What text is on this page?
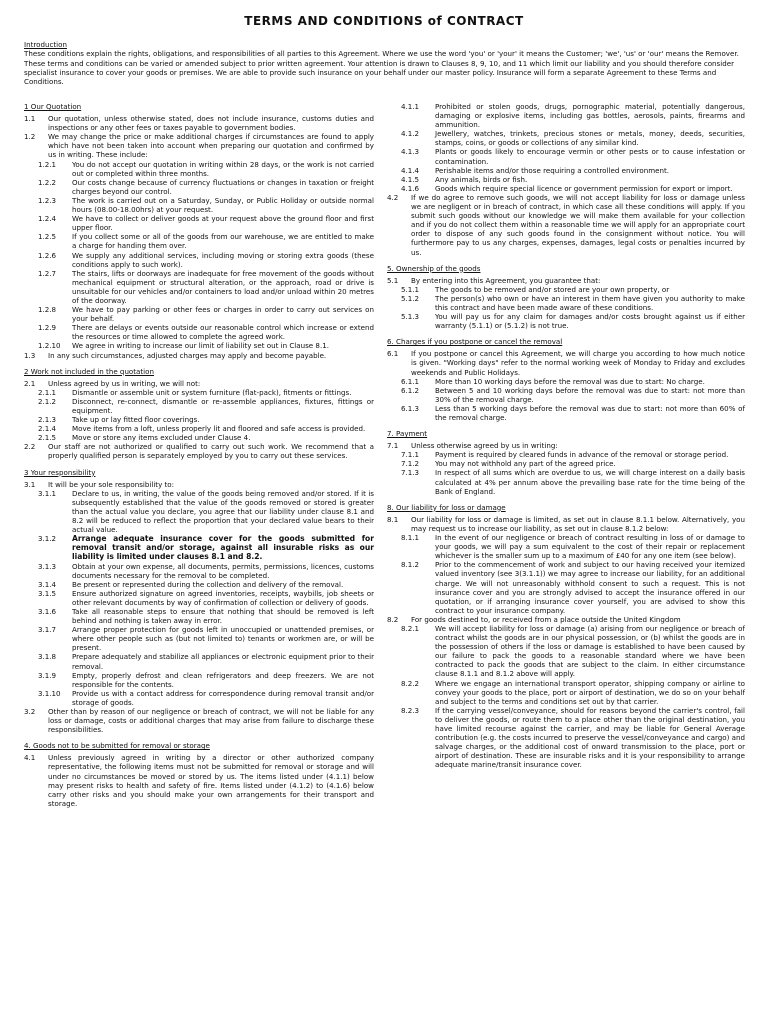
TERMS AND CONDITIONS of CONTRACT
Introduction
These conditions explain the rights, obligations, and responsibilities of all parties to this Agreement. Where we use the word 'you' or 'your' it means the Customer; 'we', 'us' or 'our' means the Remover. These terms and conditions can be varied or amended subject to prior written agreement. Your attention is drawn to Clauses 8, 9, 10, and 11 which limit our liability and you should therefore consider specialist insurance to cover your goods or premises. We are able to provide such insurance on your behalf under our master policy. Insurance will form a separate Agreement to these Terms and Conditions.
1 Our Quotation
1.1	Our quotation, unless otherwise stated, does not include insurance, customs duties and inspections or any other fees or taxes payable to government bodies.
1.2	We may change the price or make additional charges if circumstances are found to apply which have not been taken into account when preparing our quotation and confirmed by us in writing. These include:
1.2.1	You do not accept our quotation in writing within 28 days, or the work is not carried out or completed within three months.
1.2.2	Our costs change because of currency fluctuations or changes in taxation or freight charges beyond our control.
1.2.3	The work is carried out on a Saturday, Sunday, or Public Holiday or outside normal hours (08.00-18.00hrs) at your request.
1.2.4	We have to collect or deliver goods at your request above the ground floor and first upper floor.
1.2.5	If you collect some or all of the goods from our warehouse, we are entitled to make a charge for handing them over.
1.2.6	We supply any additional services, including moving or storing extra goods (these conditions apply to such work).
1.2.7	The stairs, lifts or doorways are inadequate for free movement of the goods without mechanical equipment or structural alteration, or the approach, road or drive is unsuitable for our vehicles and/or containers to load and/or unload within 20 metres of the doorway.
1.2.8	We have to pay parking or other fees or charges in order to carry out services on your behalf.
1.2.9	There are delays or events outside our reasonable control which increase or extend the resources or time allowed to complete the agreed work.
1.2.10	We agree in writing to increase our limit of liability set out in Clause 8.1.
1.3	In any such circumstances, adjusted charges may apply and become payable.
2 Work not included in the quotation
2.1	Unless agreed by us in writing, we will not:
2.1.1	Dismantle or assemble unit or system furniture (flat-pack), fitments or fittings.
2.1.2	Disconnect, re-connect, dismantle or re-assemble appliances, fixtures, fittings or equipment.
2.1.3	Take up or lay fitted floor coverings.
2.1.4	Move items from a loft, unless properly lit and floored and safe access is provided.
2.1.5	Move or store any items excluded under Clause 4.
2.2	Our staff are not authorized or qualified to carry out such work. We recommend that a properly qualified person is separately employed by you to carry out these services.
3 Your responsibility
3.1	It will be your sole responsibility to:
3.1.1	Declare to us, in writing, the value of the goods being removed and/or stored. If it is subsequently established that the value of the goods removed or stored is greater than the actual value you declare, you agree that our liability under clause 8.1 and 8.2 will be reduced to reflect the proportion that your declared value bears to their actual value.
3.1.2	Arrange adequate insurance cover for the goods submitted for removal transit and/or storage, against all insurable risks as our liability is limited under clauses 8.1 and 8.2.
3.1.3	Obtain at your own expense, all documents, permits, permissions, licences, customs documents necessary for the removal to be completed.
3.1.4	Be present or represented during the collection and delivery of the removal.
3.1.5	Ensure authorized signature on agreed inventories, receipts, waybills, job sheets or other relevant documents by way of confirmation of collection or delivery of goods.
3.1.6	Take all reasonable steps to ensure that nothing that should be removed is left behind and nothing is taken away in error.
3.1.7	Arrange proper protection for goods left in unoccupied or unattended premises, or where other people such as (but not limited to) tenants or workmen are, or will be present.
3.1.8	Prepare adequately and stabilize all appliances or electronic equipment prior to their removal.
3.1.9	Empty, properly defrost and clean refrigerators and deep freezers. We are not responsible for the contents.
3.1.10	Provide us with a contact address for correspondence during removal transit and/or storage of goods.
3.2	Other than by reason of our negligence or breach of contract, we will not be liable for any loss or damage, costs or additional charges that may arise from failure to discharge these responsibilities.
4. Goods not to be submitted for removal or storage
4.1	Unless previously agreed in writing by a director or other authorized company representative, the following items must not be submitted for removal or storage and will under no circumstances be moved or stored by us. The items listed under (4.1.1) below may present risks to health and safety of fire. Items listed under (4.1.2) to (4.1.6) below carry other risks and you should make your own arrangements for their transport and storage.
4.1.1	Prohibited or stolen goods, drugs, pornographic material, potentially dangerous, damaging or explosive items, including gas bottles, aerosols, paints, firearms and ammunition.
4.1.2	Jewellery, watches, trinkets, precious stones or metals, money, deeds, securities, stamps, coins, or goods or collections of any similar kind.
4.1.3	Plants or goods likely to encourage vermin or other pests or to cause infestation or contamination.
4.1.4	Perishable items and/or those requiring a controlled environment.
4.1.5	Any animals, birds or fish.
4.1.6	Goods which require special licence or government permission for export or import.
4.2	If we do agree to remove such goods, we will not accept liability for loss or damage unless we are negligent or in breach of contract, in which case all these conditions will apply. If you submit such goods without our knowledge we will make them available for your collection and if you do not collect them within a reasonable time we will apply for an appropriate court order to dispose of any such goods found in the consignment without notice. You will furthermore pay to us any charges, expenses, damages, legal costs or penalties incurred by us.
5. Ownership of the goods
5.1	By entering into this Agreement, you guarantee that:
5.1.1	The goods to be removed and/or stored are your own property, or
5.1.2	The person(s) who own or have an interest in them have given you authority to make this contract and have been made aware of these conditions.
5.1.3	You will pay us for any claim for damages and/or costs brought against us if either warranty (5.1.1) or (5.1.2) is not true.
6. Charges if you postpone or cancel the removal
6.1	If you postpone or cancel this Agreement, we will charge you according to how much notice is given. "Working days" refer to the normal working week of Monday to Friday and excludes weekends and Public Holidays.
6.1.1	More than 10 working days before the removal was due to start: No charge.
6.1.2	Between 5 and 10 working days before the removal was due to start: not more than 30% of the removal charge.
6.1.3	Less than 5 working days before the removal was due to start: not more than 60% of the removal charge.
7. Payment
7.1	Unless otherwise agreed by us in writing:
7.1.1	Payment is required by cleared funds in advance of the removal or storage period.
7.1.2	You may not withhold any part of the agreed price.
7.1.3	In respect of all sums which are overdue to us, we will charge interest on a daily basis calculated at 4% per annum above the prevailing base rate for the time being of the Bank of England.
8. Our liability for loss or damage
8.1	Our liability for loss or damage is limited, as set out in clause 8.1.1 below. Alternatively, you may request us to increase our liability, as set out in clause 8.1.2 below:
8.1.1	In the event of our negligence or breach of contract resulting in loss of or damage to your goods, we will pay a sum equivalent to the cost of their repair or replacement whichever is the smaller sum up to a maximum of £40 for any one item (see below).
8.1.2	Prior to the commencement of work and subject to our having received your itemized valued inventory (see 3(3.1.1)) we may agree to increase our liability, for an additional charge. We will not unreasonably withhold consent to such a request. This is not insurance cover and you are strongly advised to accept the insurance offered in our quotation, or if arranging insurance cover yourself, you are advised to show this contract to your insurance company.
8.2	For goods destined to, or received from a place outside the United Kingdom
8.2.1	We will accept liability for loss or damage (a) arising from our negligence or breach of contract whilst the goods are in our physical possession, or (b) whilst the goods are in the possession of others if the loss or damage is established to have been caused by our failure to pack the goods to a reasonable standard where we have been contracted to pack the goods that are subject to the claim. In either circumstance clause 8.1.1 and 8.1.2 above will apply.
8.2.2	Where we engage an international transport operator, shipping company or airline to convey your goods to the place, port or airport of destination, we do so on your behalf and subject to the terms and conditions set out by that carrier.
8.2.3	If the carrying vessel/conveyance, should for reasons beyond the carrier's control, fail to deliver the goods, or route them to a place other than the original destination, you have limited recourse against the carrier, and may be liable for General Average contribution (e.g. the costs incurred to preserve the vessel/conveyance and cargo) and salvage charges, or the additional cost of onward transmission to the place, port or airport of destination. These are insurable risks and it is your responsibility to arrange adequate marine/transit insurance cover.
